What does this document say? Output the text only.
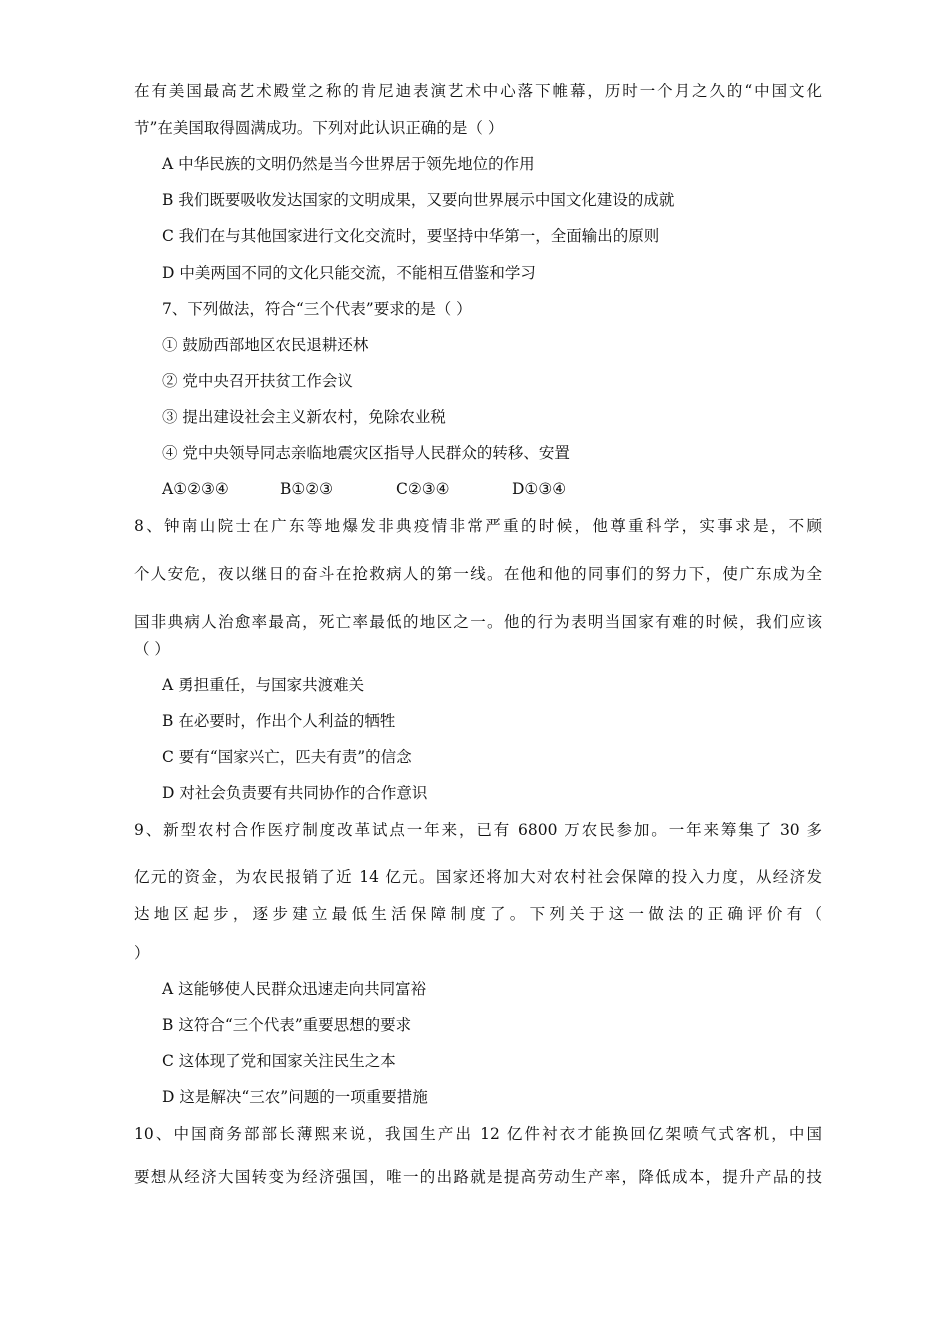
在有美国最高艺术殿堂之称的肯尼迪表演艺术中心落下帷幕，历时一个月之久的“中国文化
节”在美国取得圆满成功。下列对此认识正确的是（ ）
A 中华民族的文明仍然是当今世界居于领先地位的作用
B 我们既要吸收发达国家的文明成果，又要向世界展示中国文化建设的成就
C 我们在与其他国家进行文化交流时，要坚持中华第一，全面输出的原则
D 中美两国不同的文化只能交流，不能相互借鉴和学习
7、下列做法，符合“三个代表”要求的是（ ）
① 鼓励西部地区农民退耕还林
② 党中央召开扶贫工作会议
③ 提出建设社会主义新农村，免除农业税
④ 党中央领导同志亲临地震灾区指导人民群众的转移、安置
A①②③④	B①②③	C②③④	D①③④
8、钟南山院士在广东等地爆发非典疫情非常严重的时候，他尊重科学，实事求是，不顾
个人安危，夜以继日的奋斗在抢救病人的第一线。在他和他的同事们的努力下，使广东成为全
国非典病人治愈率最高，死亡率最低的地区之一。他的行为表明当国家有难的时候，我们应该
（ ）
A 勇担重任，与国家共渡难关
B 在必要时，作出个人利益的牺牲
C 要有“国家兴亡，匹夫有责”的信念
D 对社会负责要有共同协作的合作意识
9、新型农村合作医疗制度改革试点一年来，已有 6800 万农民参加。一年来筹集了 30 多
亿元的资金，为农民报销了近 14 亿元。国家还将加大对农村社会保障的投入力度，从经济发
达地区起步，逐步建立最低生活保障制度了。下列关于这一做法的正确评价有（
）
A 这能够使人民群众迅速走向共同富裕
B 这符合“三个代表”重要思想的要求
C 这体现了党和国家关注民生之本
D 这是解决“三农”问题的一项重要措施
10、中国商务部部长薄熙来说，我国生产出 12 亿件衬衣才能换回亿架喷气式客机，中国
要想从经济大国转变为经济强国，唯一的出路就是提高劳动生产率，降低成本，提升产品的技
